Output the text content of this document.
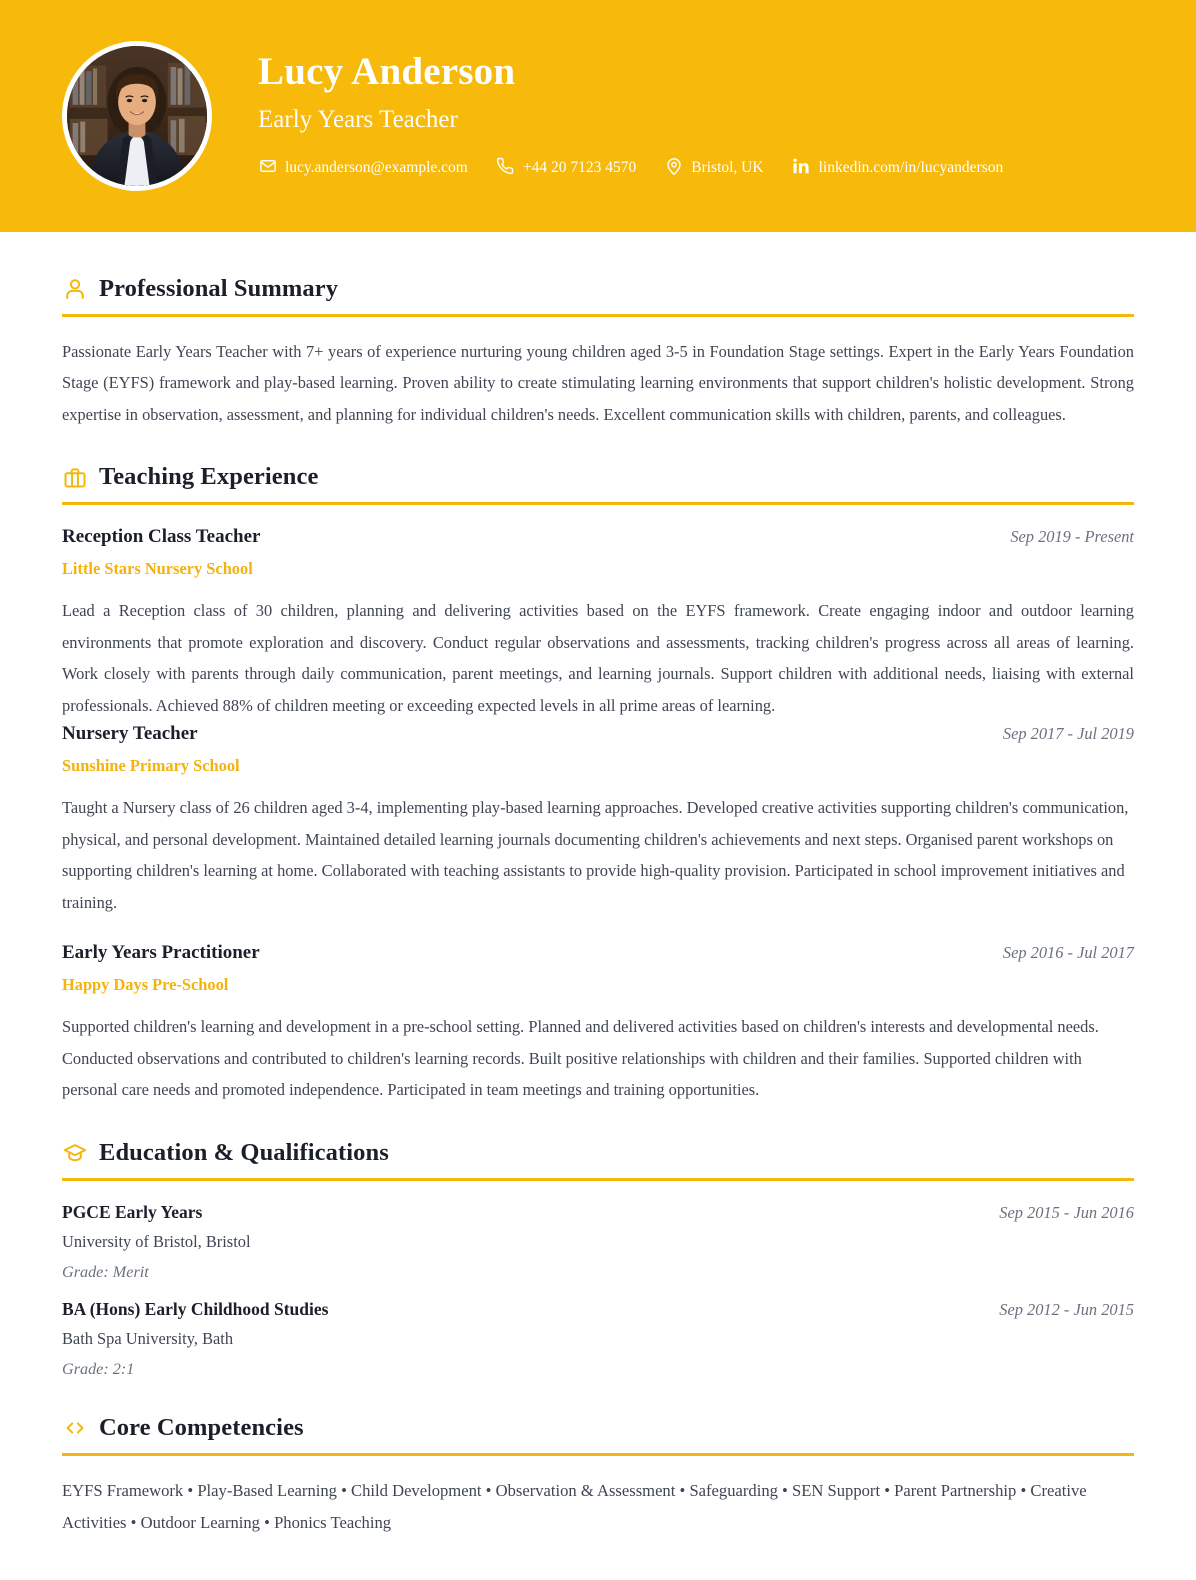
Lucy Anderson
Early Years Teacher
lucy.anderson@example.com	+44 20 7123 4570	Bristol, UK	linkedin.com/in/lucyanderson
Professional Summary

Passionate Early Years Teacher with 7+ years of experience nurturing young children aged 3-5 in Foundation Stage settings. Expert in the Early Years Foundation Stage (EYFS) framework and play-based learning. Proven ability to create stimulating learning environments that support children's holistic development. Strong expertise in observation, assessment, and planning for individual children's needs. Excellent communication skills with children, parents, and colleagues.

Teaching Experience
Reception Class Teacher	Sep 2019 - Present
Little Stars Nursery School

Lead a Reception class of 30 children, planning and delivering activities based on the EYFS framework. Create engaging indoor and outdoor learning environments that promote exploration and discovery. Conduct regular observations and assessments, tracking children's progress across all areas of learning. Work closely with parents through daily communication, parent meetings, and learning journals. Support children with additional needs, liaising with external professionals. Achieved 88% of children meeting or exceeding expected levels in all prime areas of learning.

Nursery Teacher	Sep 2017 - Jul 2019
Sunshine Primary School

Taught a Nursery class of 26 children aged 3-4, implementing play-based learning approaches. Developed creative activities supporting children's communication, physical, and personal development. Maintained detailed learning journals documenting children's achievements and next steps. Organised parent workshops on supporting children's learning at home. Collaborated with teaching assistants to provide high-quality provision. Participated in school improvement initiatives and training.

Early Years Practitioner	Sep 2016 - Jul 2017
Happy Days Pre-School

Supported children's learning and development in a pre-school setting. Planned and delivered activities based on children's interests and developmental needs. Conducted observations and contributed to children's learning records. Built positive relationships with children and their families. Supported children with personal care needs and promoted independence. Participated in team meetings and training opportunities.

Education & Qualifications
PGCE Early Years	Sep 2015 - Jun 2016
University of Bristol, Bristol
Grade: Merit
BA (Hons) Early Childhood Studies	Sep 2012 - Jun 2015
Bath Spa University, Bath
Grade: 2:1
Core Competencies
EYFS Framework • Play-Based Learning • Child Development • Observation & Assessment • Safeguarding • SEN Support • Parent Partnership • Creative Activities • Outdoor Learning • Phonics Teaching
